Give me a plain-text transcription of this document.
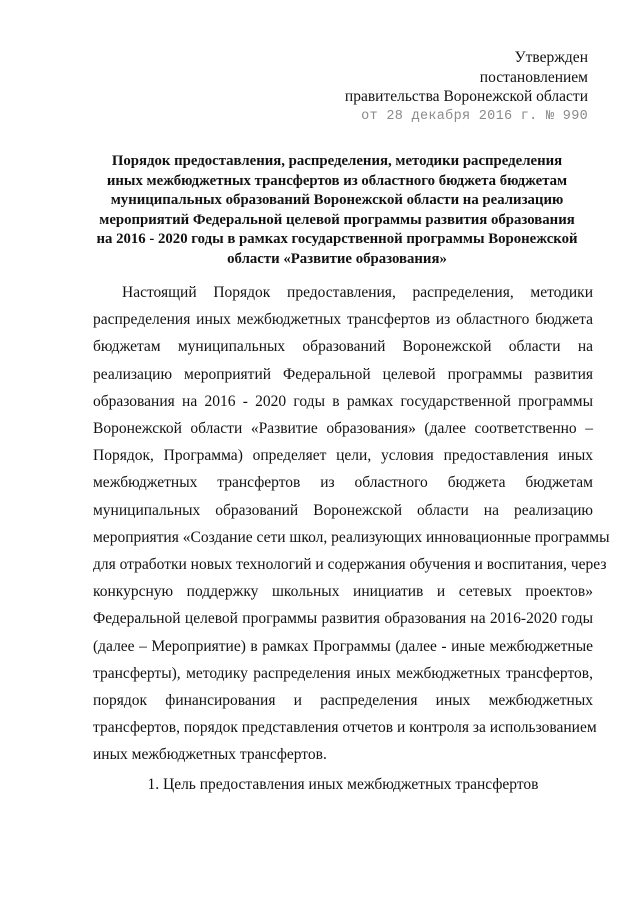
Утвержден
постановлением
правительства Воронежской области
от 28 декабря 2016 г. № 990
Порядок предоставления, распределения, методики распределения
иных межбюджетных трансфертов из областного бюджета бюджетам
муниципальных образований Воронежской области на реализацию
мероприятий Федеральной целевой программы развития образования
на 2016 - 2020 годы в рамках государственной программы Воронежской
области «Развитие образования»

Настоящий Порядок предоставления, распределения, методики
распределения иных межбюджетных трансфертов из областного бюджета
бюджетам муниципальных образований Воронежской области на
реализацию мероприятий Федеральной целевой программы развития
образования на 2016 - 2020 годы в рамках государственной программы
Воронежской области «Развитие образования» (далее соответственно –
Порядок, Программа) определяет цели, условия предоставления иных
межбюджетных трансфертов из областного бюджета бюджетам
муниципальных образований Воронежской области на реализацию
мероприятия «Создание сети школ, реализующих инновационные программы
для отработки новых технологий и содержания обучения и воспитания, через
конкурсную поддержку школьных инициатив и сетевых проектов»
Федеральной целевой программы развития образования на 2016-2020 годы
(далее – Мероприятие) в рамках Программы (далее - иные межбюджетные
трансферты), методику распределения иных межбюджетных трансфертов,
порядок финансирования и распределения иных межбюджетных
трансфертов, порядок представления отчетов и контроля за использованием
иных межбюджетных трансфертов.

1. Цель предоставления иных межбюджетных трансфертов
